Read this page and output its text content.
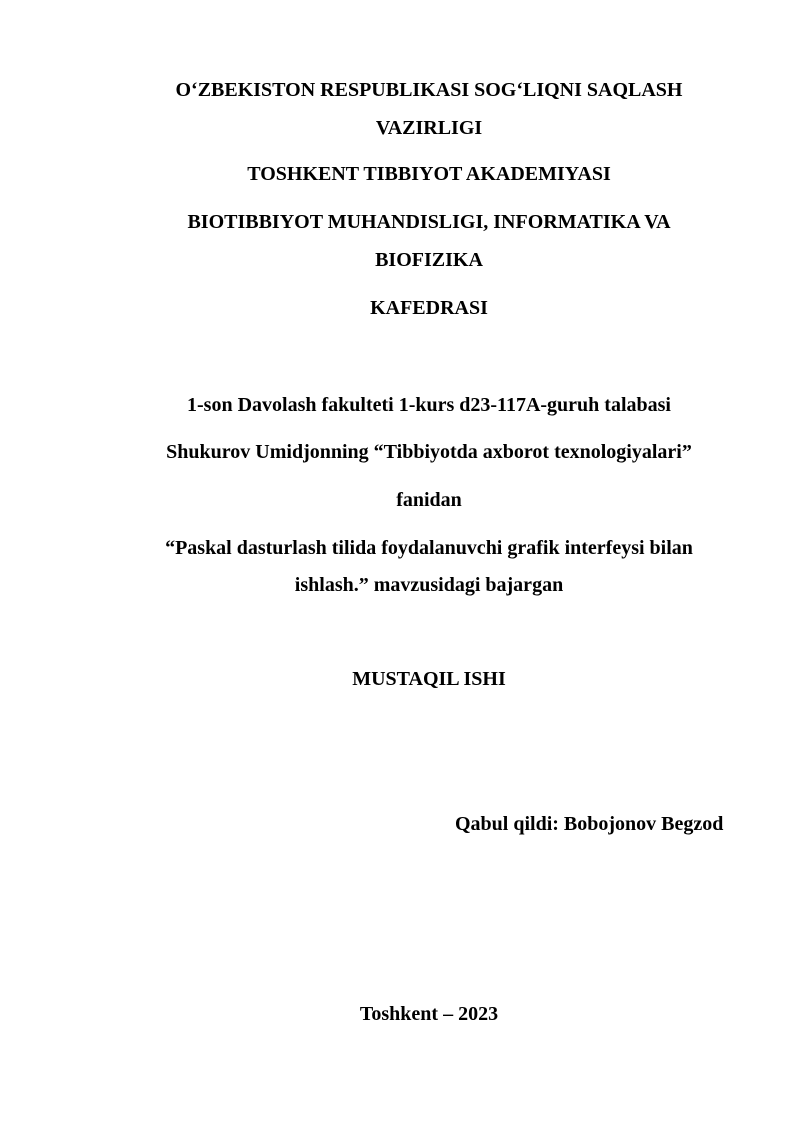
O‘ZBEKISTON RESPUBLIKASI SOG‘LIQNI SAQLASH
VAZIRLIGI
TOSHKENT TIBBIYOT AKADEMIYASI
BIOTIBBIYOT MUHANDISLIGI, INFORMATIKA VA
BIOFIZIKA
KAFEDRASI
1-son Davolash fakulteti 1-kurs d23-117A-guruh talabasi
Shukurov Umidjonning “Tibbiyotda axborot texnologiyalari”
fanidan
“Paskal dasturlash tilida foydalanuvchi grafik interfeysi bilan
ishlash.” mavzusidagi bajargan
MUSTAQIL ISHI
Qabul qildi: Bobojonov Begzod
Toshkent – 2023
